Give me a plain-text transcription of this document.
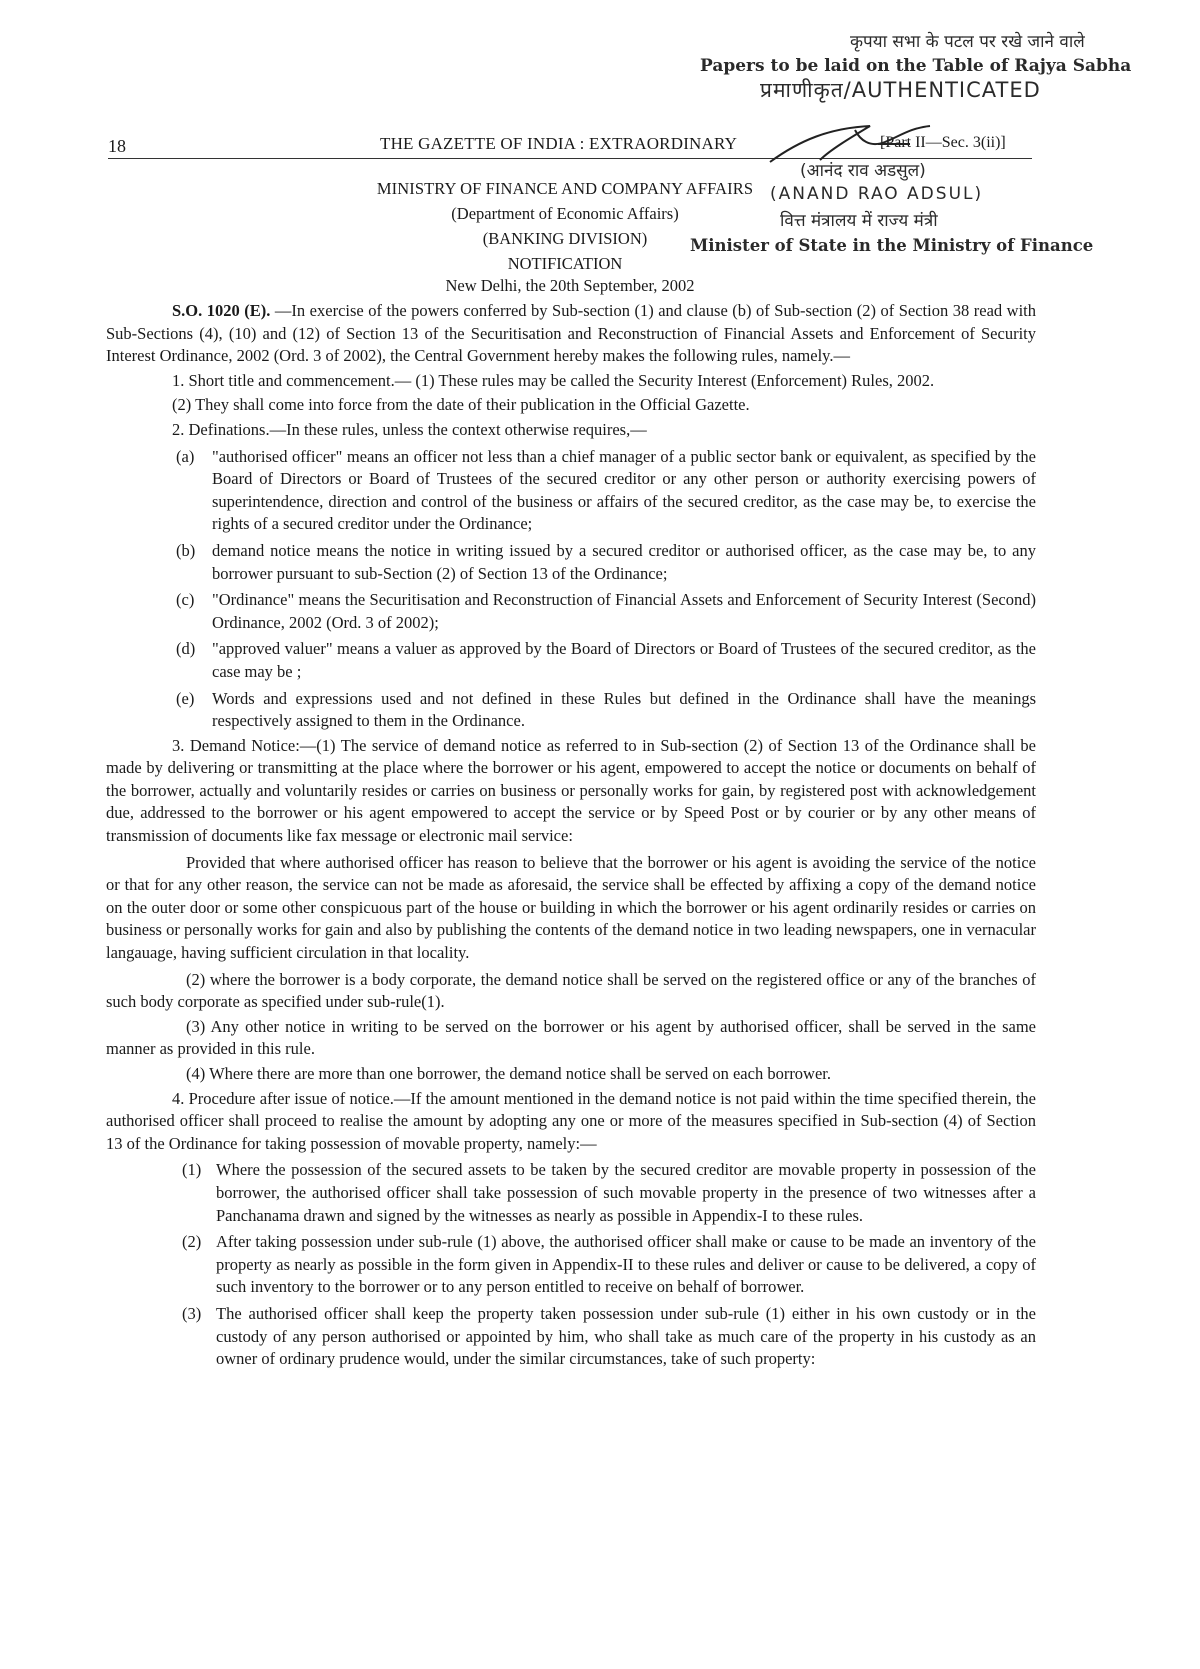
कृपया सभा के पटल पर रखे जाने वाले
Papers to be laid on the Table of Rajya Sabha
प्रमाणीकृत/AUTHENTICATED
18	THE GAZETTE OF INDIA : EXTRAORDINARY	[Part II—Sec. 3(ii)]
MINISTRY OF FINANCE AND COMPANY AFFAIRS
(Department of Economic Affairs)
(BANKING DIVISION)
NOTIFICATION
(आनंद राव अडसुल)
(ANAND RAO ADSUL)
वित्त मंत्रालय में राज्य मंत्री
Minister of State in the Ministry of Finance
New Delhi, the 20th September, 2002

S.O. 1020 (E). —In exercise of the powers conferred by Sub-section (1) and clause (b) of Sub-section (2) of Section 38 read with Sub-Sections (4), (10) and (12) of Section 13 of the Securitisation and Reconstruction of Financial Assets and Enforcement of Security Interest Ordinance, 2002 (Ord. 3 of 2002), the Central Government hereby makes the following rules, namely.—

1. Short title and commencement.— (1) These rules may be called the Security Interest (Enforcement) Rules, 2002.

(2) They shall come into force from the date of their publication in the Official Gazette.

2. Definations.—In these rules, unless the context otherwise requires,—

(a)	"authorised officer" means an officer not less than a chief manager of a public sector bank or equivalent, as specified by the Board of Directors or Board of Trustees of the secured creditor or any other person or authority exercising powers of superintendence, direction and control of the business or affairs of the secured creditor, as the case may be, to exercise the rights of a secured creditor under the Ordinance;
(b)	demand notice means the notice in writing issued by a secured creditor or authorised officer, as the case may be, to any borrower pursuant to sub-Section (2) of Section 13 of the Ordinance;
(c)	"Ordinance" means the Securitisation and Reconstruction of Financial Assets and Enforcement of Security Interest (Second) Ordinance, 2002 (Ord. 3 of 2002);
(d)	"approved valuer" means a valuer as approved by the Board of Directors or Board of Trustees of the secured creditor, as the case may be ;
(e)	Words and expressions used and not defined in these Rules but defined in the Ordinance shall have the meanings respectively assigned to them in the Ordinance.

3. Demand Notice:—(1) The service of demand notice as referred to in Sub-section (2) of Section 13 of the Ordinance shall be made by delivering or transmitting at the place where the borrower or his agent, empowered to accept the notice or documents on behalf of the borrower, actually and voluntarily resides or carries on business or personally works for gain, by registered post with acknowledgement due, addressed to the borrower or his agent empowered to accept the service or by Speed Post or by courier or by any other means of transmission of documents like fax message or electronic mail service:

Provided that where authorised officer has reason to believe that the borrower or his agent is avoiding the service of the notice or that for any other reason, the service can not be made as aforesaid, the service shall be effected by affixing a copy of the demand notice on the outer door or some other conspicuous part of the house or building in which the borrower or his agent ordinarily resides or carries on business or personally works for gain and also by publishing the contents of the demand notice in two leading newspapers, one in vernacular langauage, having sufficient circulation in that locality.

(2) where the borrower is a body corporate, the demand notice shall be served on the registered office or any of the branches of such body corporate as specified under sub-rule(1).

(3) Any other notice in writing to be served on the borrower or his agent by authorised officer, shall be served in the same manner as provided in this rule.

(4) Where there are more than one borrower, the demand notice shall be served on each borrower.

4. Procedure after issue of notice.—If the amount mentioned in the demand notice is not paid within the time specified therein, the authorised officer shall proceed to realise the amount by adopting any one or more of the measures specified in Sub-section (4) of Section 13 of the Ordinance for taking possession of movable property, namely:—

(1) Where the possession of the secured assets to be taken by the secured creditor are movable property in possession of the borrower, the authorised officer shall take possession of such movable property in the presence of two witnesses after a Panchanama drawn and signed by the witnesses as nearly as possible in Appendix-I to these rules.
(2) After taking possession under sub-rule (1) above, the authorised officer shall make or cause to be made an inventory of the property as nearly as possible in the form given in Appendix-II to these rules and deliver or cause to be delivered, a copy of such inventory to the borrower or to any person entitled to receive on behalf of borrower.
(3) The authorised officer shall keep the property taken possession under sub-rule (1) either in his own custody or in the custody of any person authorised or appointed by him, who shall take as much care of the property in his custody as an owner of ordinary prudence would, under the similar circumstances, take of such property:
